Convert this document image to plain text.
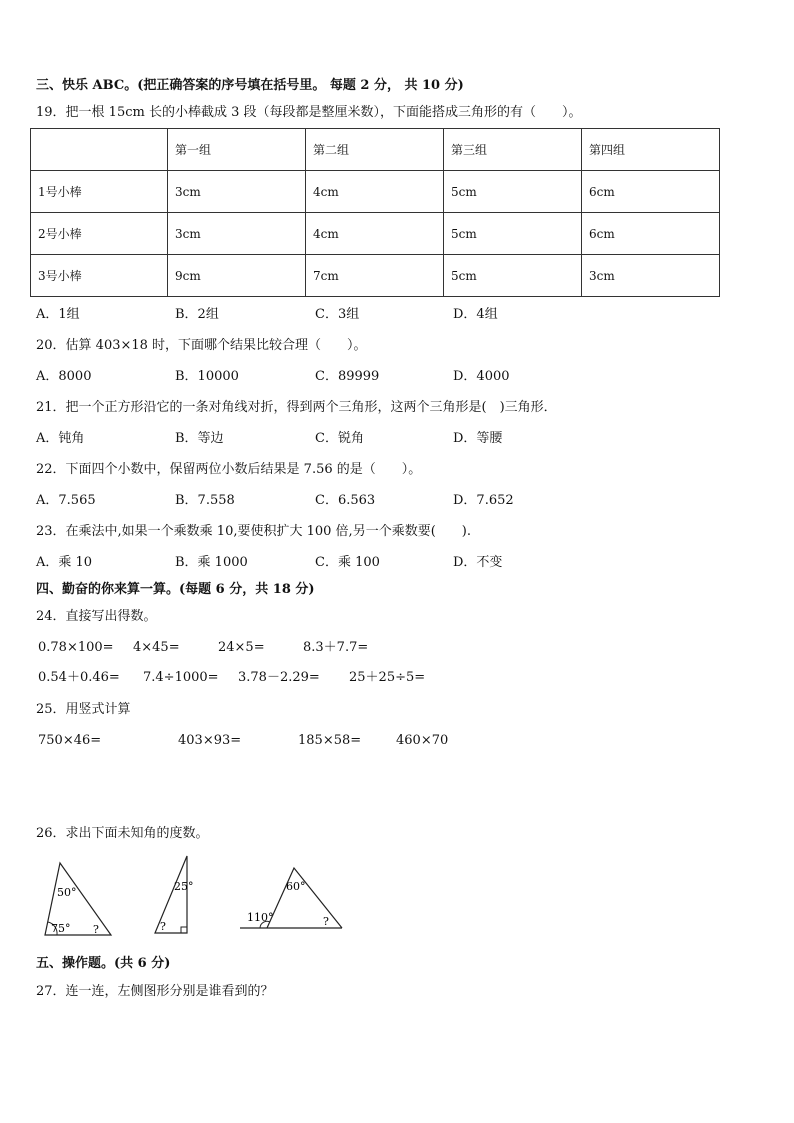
三、快乐 ABC。(把正确答案的序号填在括号里。 每题 2 分， 共 10 分)
19．把一根 15cm 长的小棒截成 3 段（每段都是整厘米数），下面能搭成三角形的有（　　）。
	第一组	第二组	第三组	第四组
1号小棒	3cm	4cm	5cm	6cm
2号小棒	3cm	4cm	5cm	6cm
3号小棒	9cm	7cm	5cm	3cm
A．1组	B．2组	C．3组	D．4组
20．估算 403×18 时，下面哪个结果比较合理（　　）。
A．8000	B．10000	C．89999	D．4000
21．把一个正方形沿它的一条对角线对折，得到两个三角形，这两个三角形是(　)三角形．
A．钝角	B．等边	C．锐角	D．等腰
22．下面四个小数中，保留两位小数后结果是 7.56 的是（　　）。
A．7.565	B．7.558	C．6.563	D．7.652
23．在乘法中,如果一个乘数乘 10,要使积扩大 100 倍,另一个乘数要(　　).
A．乘 10	B．乘 1000	C．乘 100	D．不变
四、勤奋的你来算一算。(每题 6 分，共 18 分)
24．直接写出得数。
0.78×100= 4×45=	24×5=	8.3＋7.7=
0.54＋0.46= 7.4÷1000= 3.78－2.29= 25＋25÷5=
25．用竖式计算
750×46=	403×93=	185×58=	460×70
26．求出下面未知角的度数。
50°
75° ?
25°
?
60°
110°	?
五、操作题。(共 6 分)
27．连一连，左侧图形分别是谁看到的？
